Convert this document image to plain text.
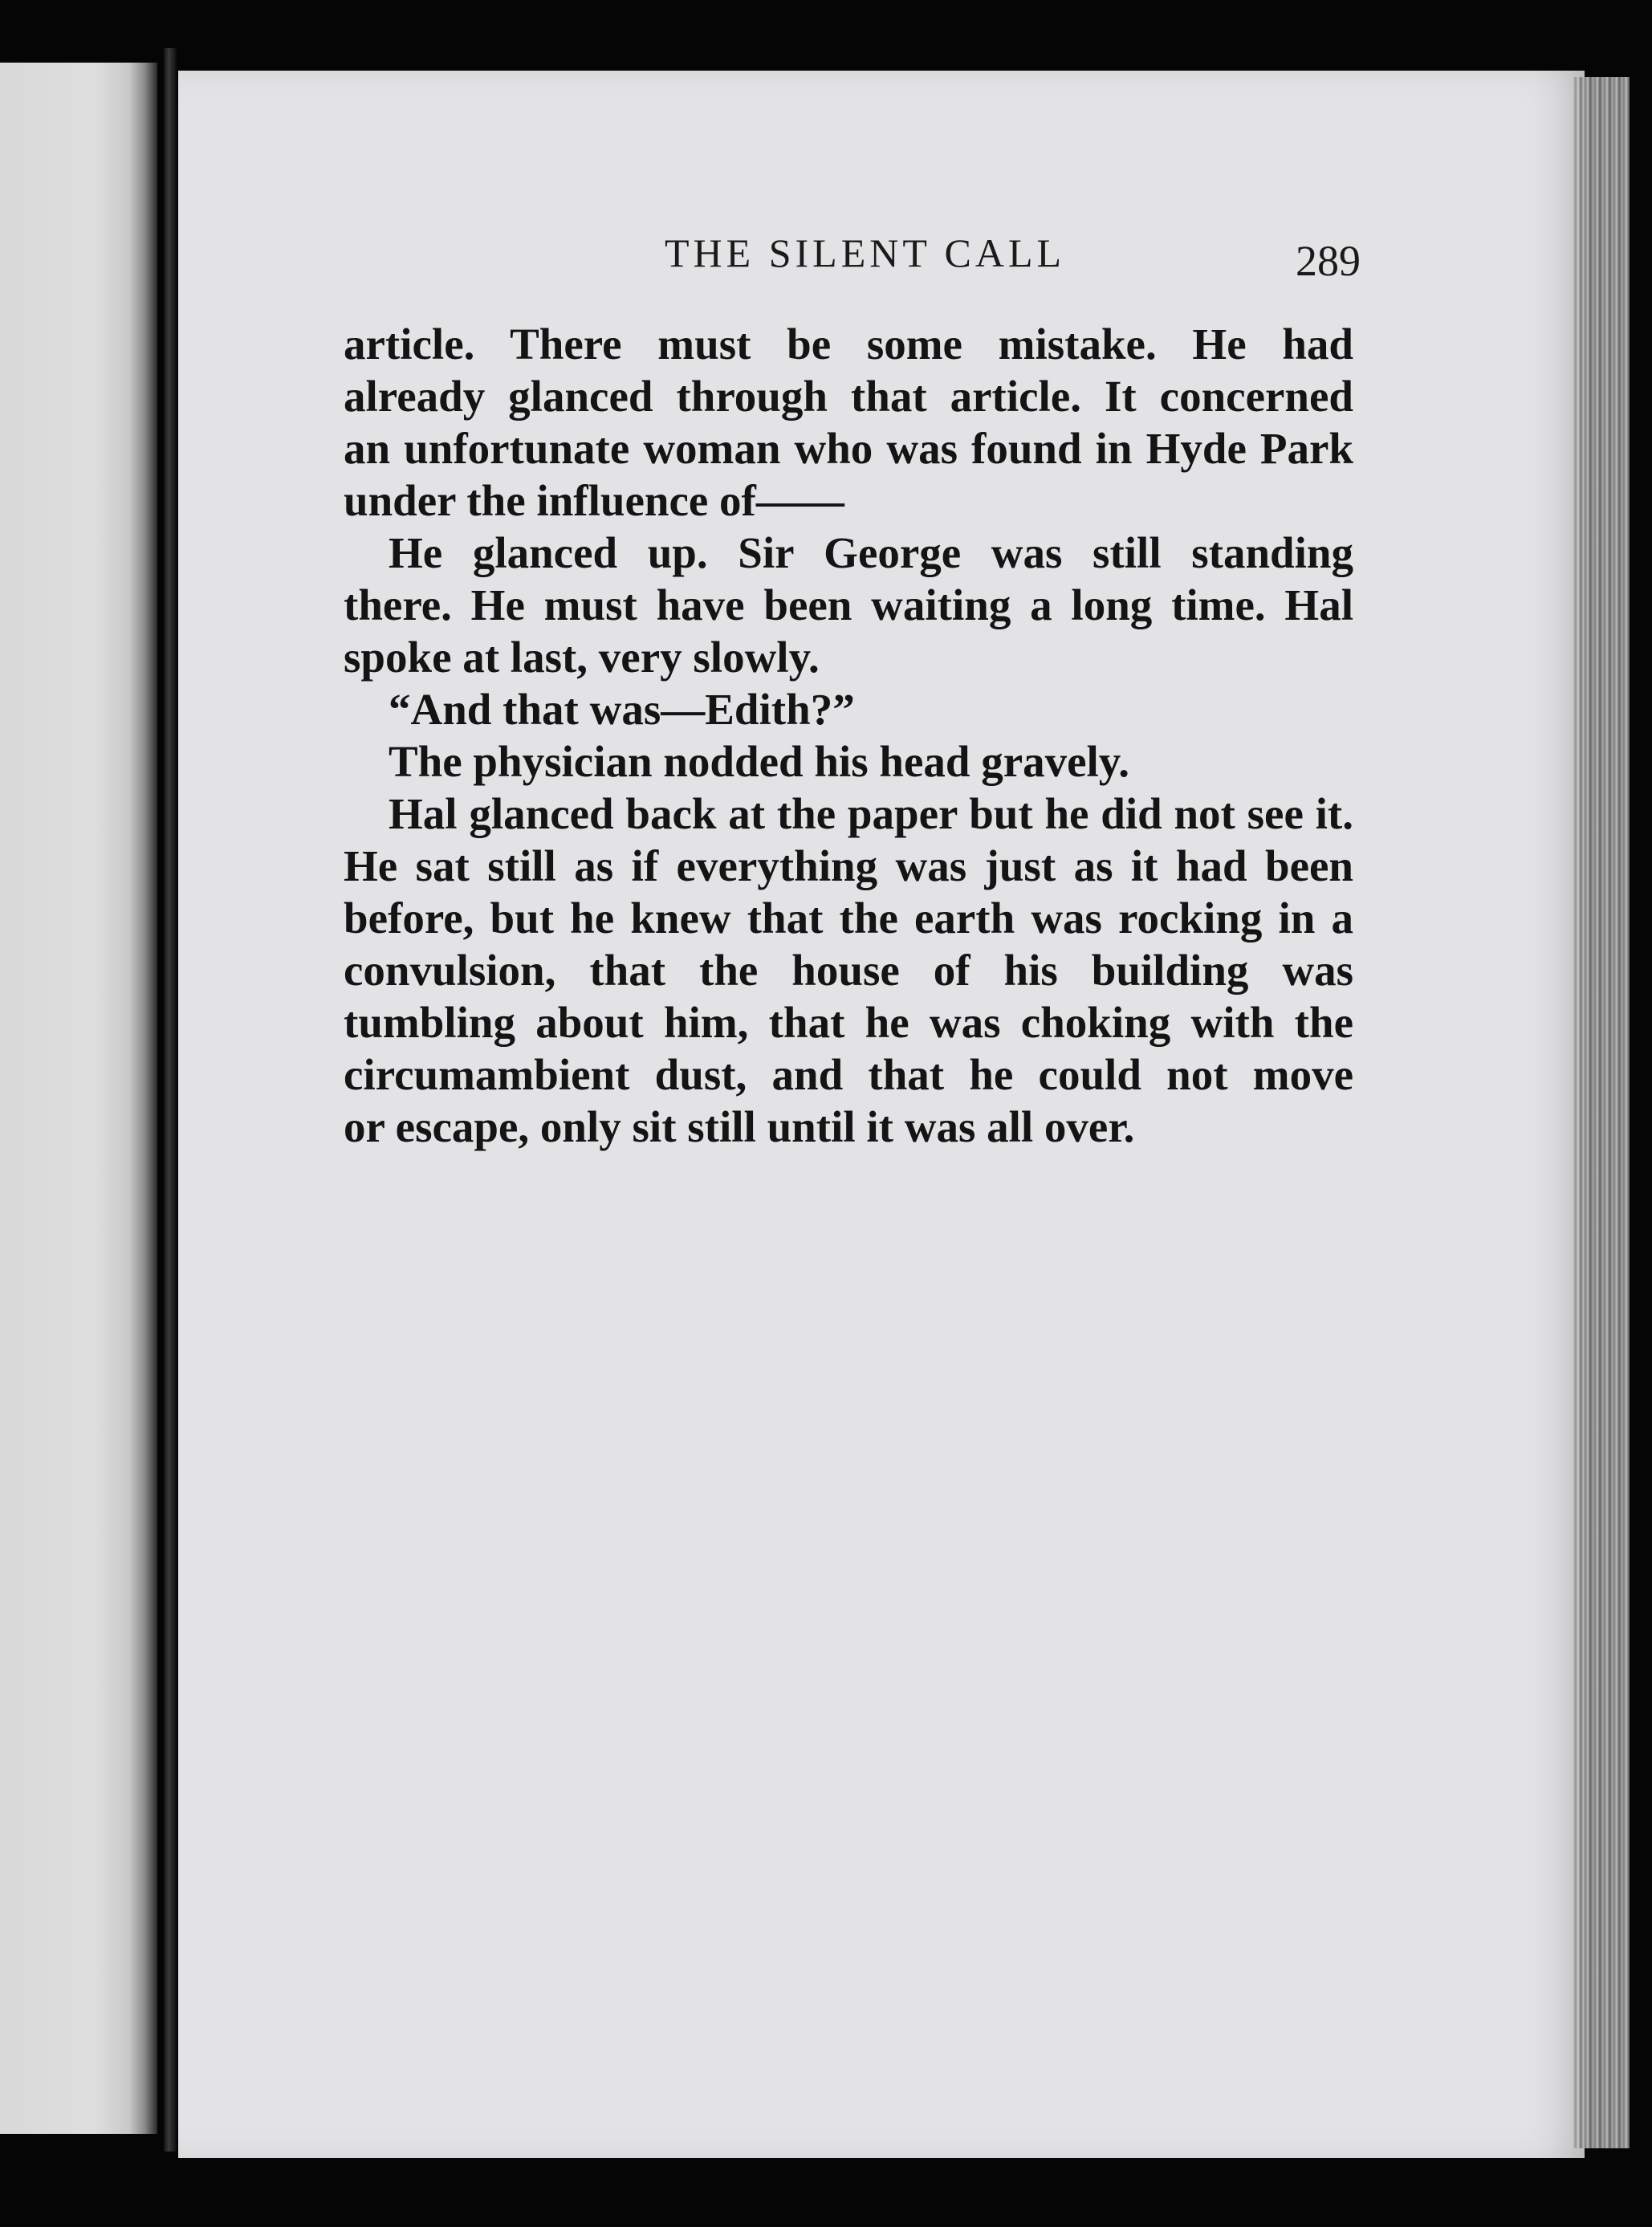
THE SILENT CALL	289
article. There must be some mistake. He had
already glanced through that article. It concerned
an unfortunate woman who was found in Hyde Park
under the influence of——
He glanced up. Sir George was still standing
there. He must have been waiting a long time. Hal
spoke at last, very slowly.
“And that was—Edith?”
The physician nodded his head gravely.
Hal glanced back at the paper but he did not see it.
He sat still as if everything was just as it had been
before, but he knew that the earth was rocking in a
convulsion, that the house of his building was
tumbling about him, that he was choking with the
circumambient dust, and that he could not move
or escape, only sit still until it was all over.
